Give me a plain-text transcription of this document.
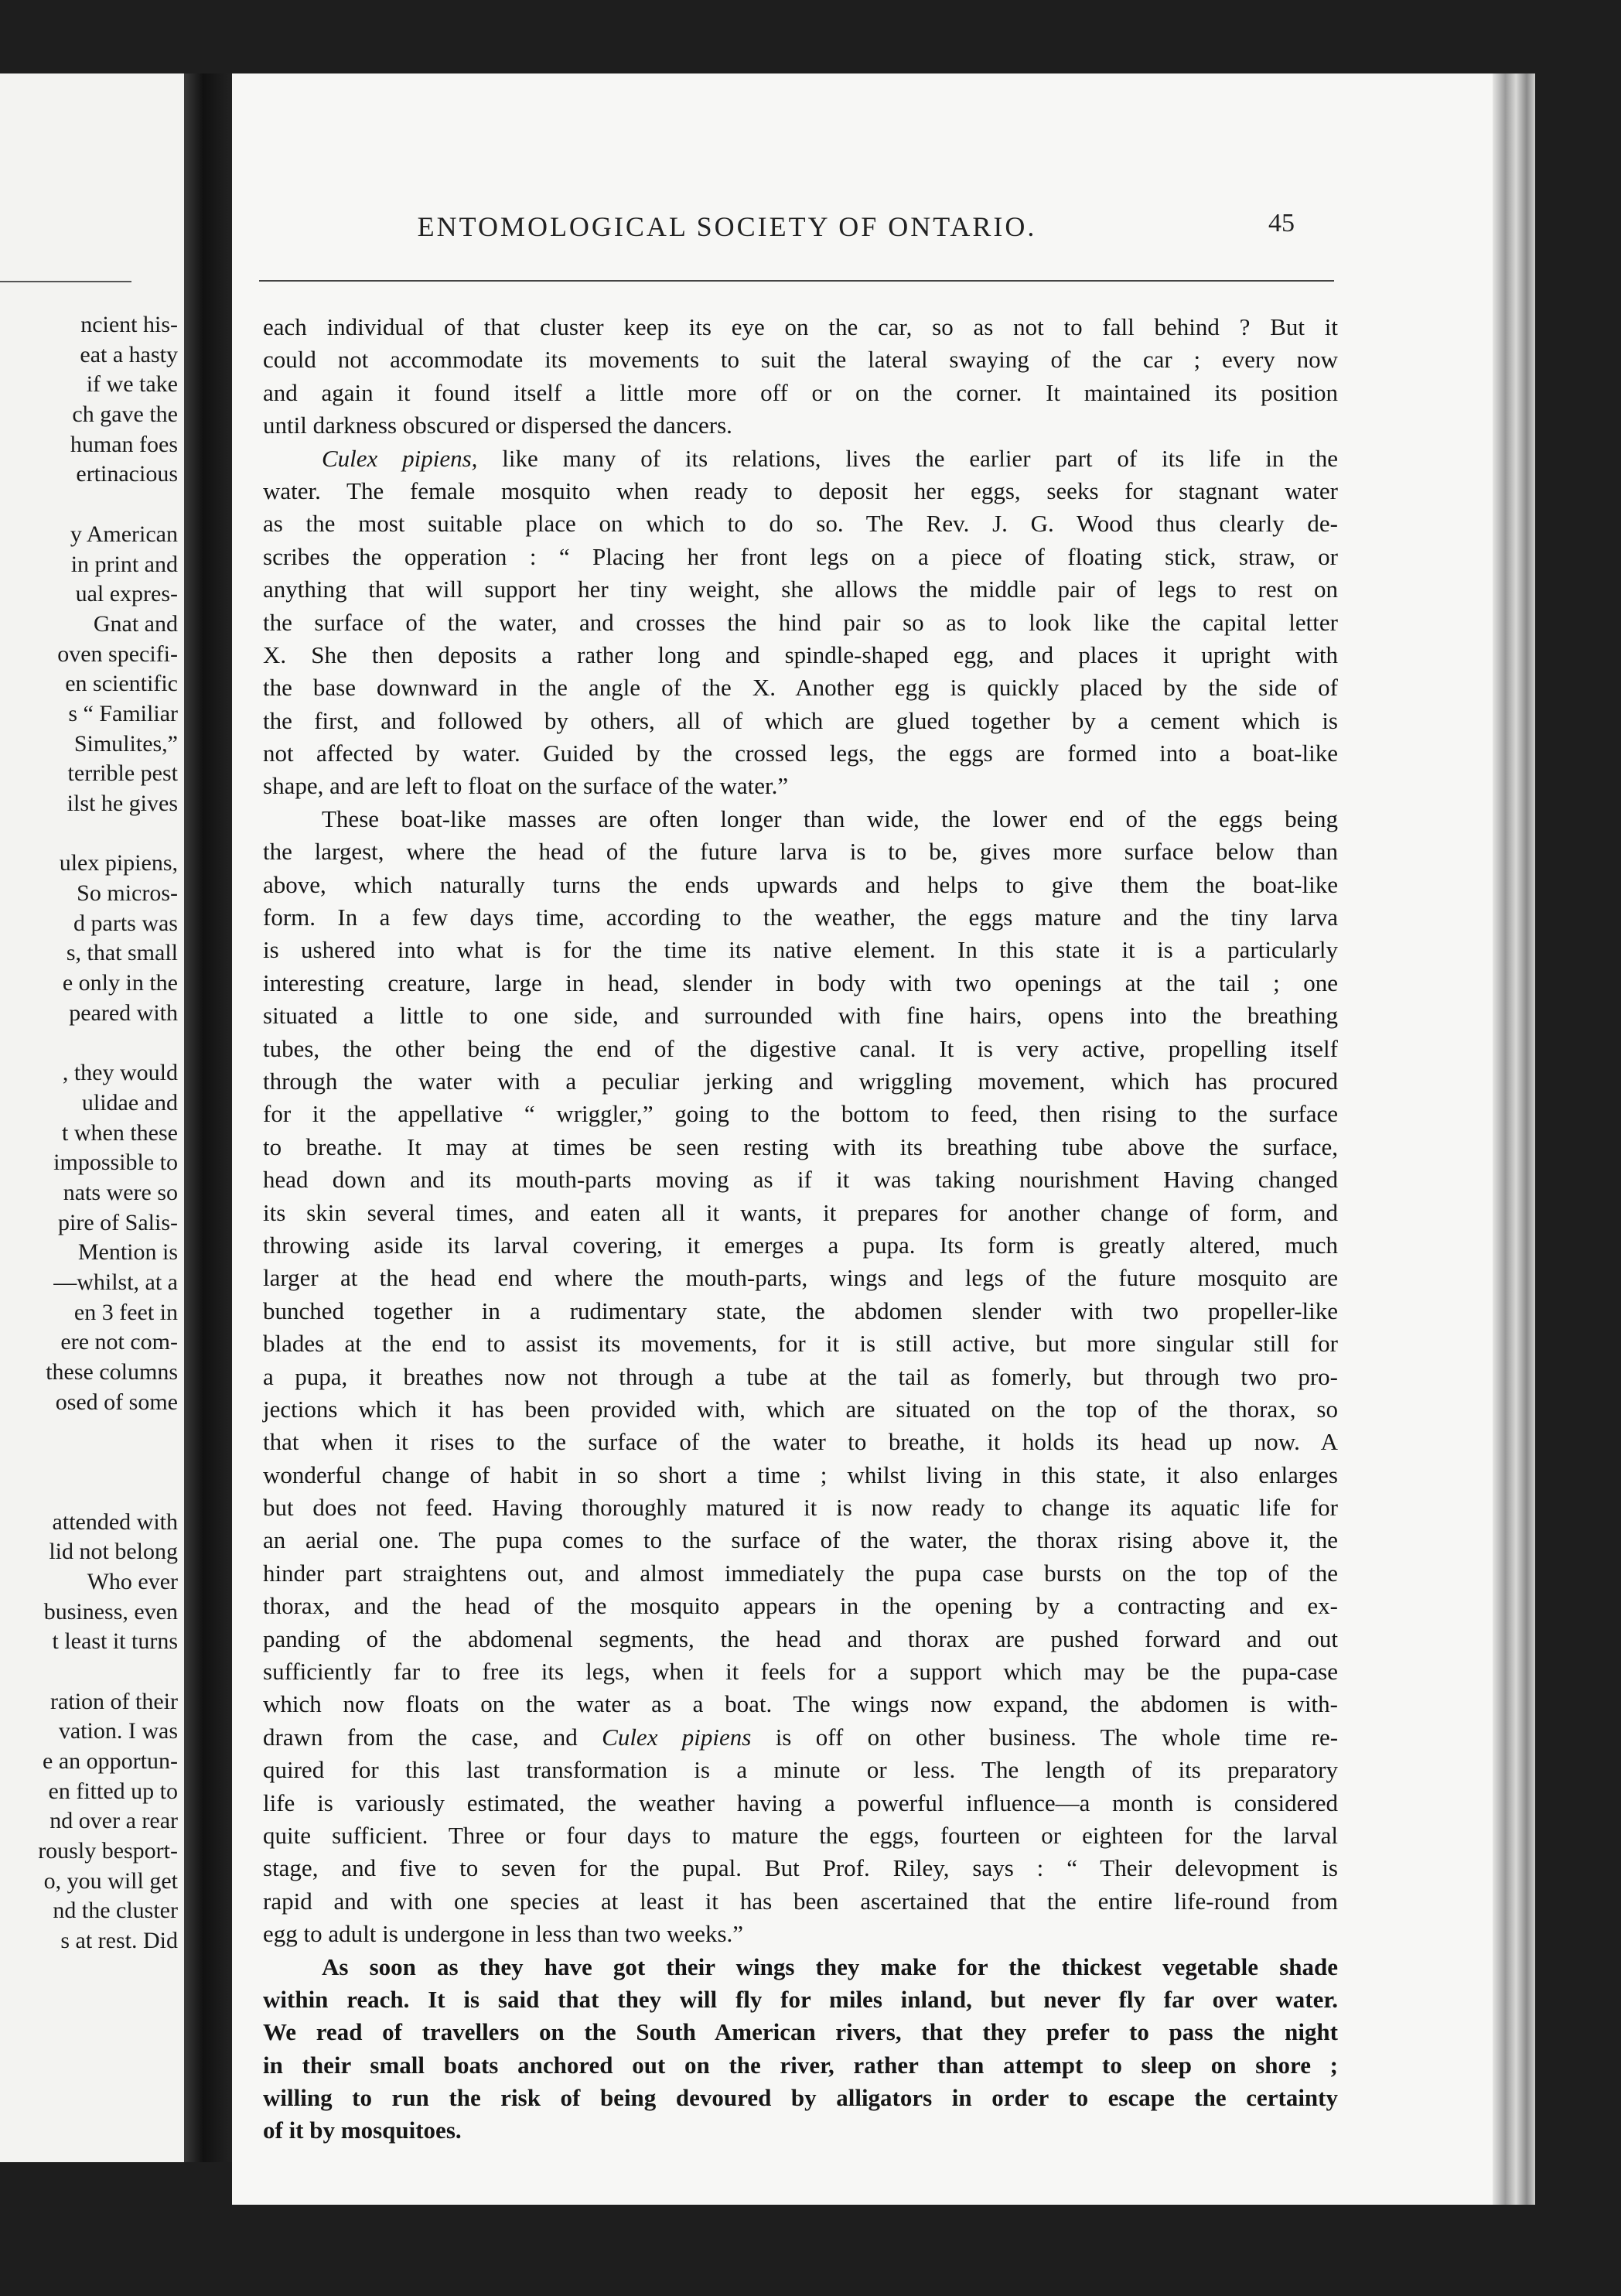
ncient his-
eat a hasty
if we take
ch gave the
human foes
ertinacious
y American
in print and
ual expres-
Gnat and
oven specifi-
en scientific
s “ Familiar
Simulites,”
terrible pest
ilst he gives
ulex pipiens,
So micros-
d parts was
s, that small
e only in the
peared with
, they would
ulidae and
t when these
impossible to
nats were so
pire of Salis-
Mention is
—whilst, at a
en 3 feet in
ere not com-
these columns
osed of some
attended with
lid not belong
Who ever
business, even
t least it turns
ration of their
vation. I was
e an opportun-
en fitted up to
nd over a rear
rously besport-
o, you will get
nd the cluster
s at rest. Did
ENTOMOLOGICAL SOCIETY OF ONTARIO.	45
each individual of that cluster keep its eye on the car, so as not to fall behind ? But it
could not accommodate its movements to suit the lateral swaying of the car ; every now
and again it found itself a little more off or on the corner. It maintained its position
until darkness obscured or dispersed the dancers.
Culex pipiens, like many of its relations, lives the earlier part of its life in the
water. The female mosquito when ready to deposit her eggs, seeks for stagnant water
as the most suitable place on which to do so. The Rev. J. G. Wood thus clearly de-
scribes the opperation : “ Placing her front legs on a piece of floating stick, straw, or
anything that will support her tiny weight, she allows the middle pair of legs to rest on
the surface of the water, and crosses the hind pair so as to look like the capital letter
X. She then deposits a rather long and spindle-shaped egg, and places it upright with
the base downward in the angle of the X. Another egg is quickly placed by the side of
the first, and followed by others, all of which are glued together by a cement which is
not affected by water. Guided by the crossed legs, the eggs are formed into a boat-like
shape, and are left to float on the surface of the water.”
These boat-like masses are often longer than wide, the lower end of the eggs being
the largest, where the head of the future larva is to be, gives more surface below than
above, which naturally turns the ends upwards and helps to give them the boat-like
form. In a few days time, according to the weather, the eggs mature and the tiny larva
is ushered into what is for the time its native element. In this state it is a particularly
interesting creature, large in head, slender in body with two openings at the tail ; one
situated a little to one side, and surrounded with fine hairs, opens into the breathing
tubes, the other being the end of the digestive canal. It is very active, propelling itself
through the water with a peculiar jerking and wriggling movement, which has procured
for it the appellative “ wriggler,” going to the bottom to feed, then rising to the surface
to breathe. It may at times be seen resting with its breathing tube above the surface,
head down and its mouth-parts moving as if it was taking nourishment Having changed
its skin several times, and eaten all it wants, it prepares for another change of form, and
throwing aside its larval covering, it emerges a pupa. Its form is greatly altered, much
larger at the head end where the mouth-parts, wings and legs of the future mosquito are
bunched together in a rudimentary state, the abdomen slender with two propeller-like
blades at the end to assist its movements, for it is still active, but more singular still for
a pupa, it breathes now not through a tube at the tail as fomerly, but through two pro-
jections which it has been provided with, which are situated on the top of the thorax, so
that when it rises to the surface of the water to breathe, it holds its head up now. A
wonderful change of habit in so short a time ; whilst living in this state, it also enlarges
but does not feed. Having thoroughly matured it is now ready to change its aquatic life for
an aerial one. The pupa comes to the surface of the water, the thorax rising above it, the
hinder part straightens out, and almost immediately the pupa case bursts on the top of the
thorax, and the head of the mosquito appears in the opening by a contracting and ex-
panding of the abdomenal segments, the head and thorax are pushed forward and out
sufficiently far to free its legs, when it feels for a support which may be the pupa-case
which now floats on the water as a boat. The wings now expand, the abdomen is with-
drawn from the case, and Culex pipiens is off on other business. The whole time re-
quired for this last transformation is a minute or less. The length of its preparatory
life is variously estimated, the weather having a powerful influence—a month is considered
quite sufficient. Three or four days to mature the eggs, fourteen or eighteen for the larval
stage, and five to seven for the pupal. But Prof. Riley, says : “ Their delevopment is
rapid and with one species at least it has been ascertained that the entire life-round from
egg to adult is undergone in less than two weeks.”
As soon as they have got their wings they make for the thickest vegetable shade
within reach. It is said that they will fly for miles inland, but never fly far over water.
We read of travellers on the South American rivers, that they prefer to pass the night
in their small boats anchored out on the river, rather than attempt to sleep on shore ;
willing to run the risk of being devoured by alligators in order to escape the certainty
of it by mosquitoes.
